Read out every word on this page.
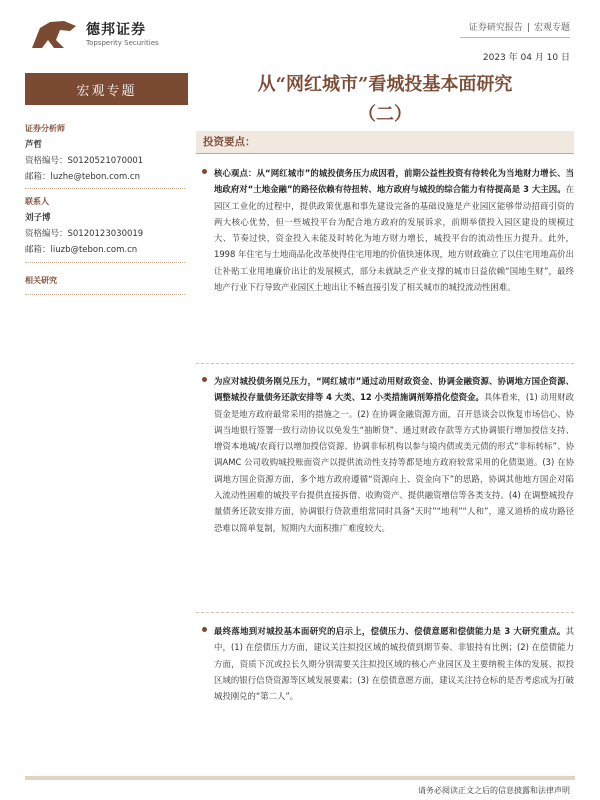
德邦证券
Topsperity Securities
证券研究报告 | 宏观专题
2023 年 04 月 10 日
宏观专题
证券分析师
芦哲
资格编号：S0120521070001
邮箱：luzhe@tebon.com.cn
联系人
刘子博
资格编号：S0120123030019
邮箱：liuzb@tebon.com.cn
相关研究
从“网红城市”看城投基本面研究
（二）
投资要点：

核心观点：从“网红城市”的城投债务压力成因看，前期公益性投资有待转化为当地财力增长、当地政府对“土地金融”的路径依赖有待扭转、地方政府与城投的综合能力有待提高是 3 大主因。在园区工业化的过程中，提供政策优惠和事先建设完备的基础设施是产业园区能够带动招商引资的两大核心优势，但一些城投平台为配合地方政府的发展诉求，前期举债投入园区建设的规模过大、节奏过快，资金投入未能及时转化为地方财力增长，城投平台的流动性压力提升。此外，1998 年住宅与土地商品化改革使得住宅用地的价值快速体现，地方财政确立了以住宅用地高价出让补贴工业用地廉价出让的发展模式，部分未就缺乏产业支撑的城市日益依赖“国地生财”，最终地产行业下行导致产业园区土地出让不畅直接引发了相关城市的城投流动性困难。

为应对城投债务刚兑压力，“网红城市”通过动用财政资金、协调金融资源、协调地方国企资源、调整城投存量债务还款安排等 4 大类、12 小类措施调剂筹措化偿资金。具体看来，(1) 动用财政资金是地方政府最常采用的措施之一。(2) 在协调金融资源方面，召开恳谈会以恢复市场信心、协调当地银行签署一致行动协议以免发生“抽断贷”、通过财政存款等方式协调银行增加授信支持、增资本地城/农商行以增加授信资源、协调非标机构以参与境内债或美元债的形式“非标转标”、协调AMC 公司收购城投账面资产以提供流动性支持等都是地方政府较常采用的化债渠道。(3) 在协调地方国企资源方面，多个地方政府遵循“资源向上、资金向下”的思路，协调其他地方国企对陷入流动性困难的城投平台提供直接拆借、收购资产、提供融资增信等各类支持。(4) 在调整城投存量债务还款安排方面，协调银行贷款重组常同时具备“天时”“地利”“人和”，違又道桥的成功路径恐难以简单复制，短期内大面积推广难度较大。

最终落地到对城投基本面研究的启示上，偿债压力、偿债意愿和偿债能力是 3 大研究重点。其中，(1) 在偿债压力方面，建议关注拟投区域的城投债到期节奏、非银持有比例；(2) 在偿债能力方面，资质下沉或拉长久期分别需要关注拟投区域的核心产业园区及主要纳税主体的发展、拟投区域的银行信贷资源等区域发展要素；(3) 在偿债意愿方面，建议关注持仓标的是否考虑成为打破城投刚兑的“第二人”。

请务必阅读正文之后的信息披露和法律声明
